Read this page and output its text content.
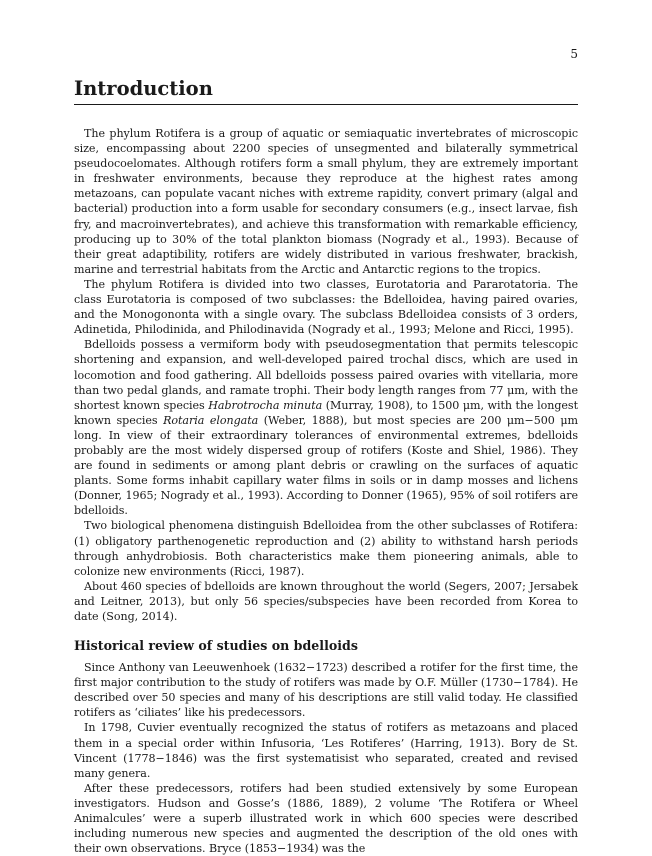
5
Introduction

The phylum Rotifera is a group of aquatic or semiaquatic invertebrates of microscopic size, encompassing about 2200 species of unsegmented and bilaterally symmetrical pseudocoelomates. Although rotifers form a small phylum, they are extremely important in freshwater environments, because they reproduce at the highest rates among metazoans, can populate vacant niches with extreme rapidity, convert primary (algal and bacterial) production into a form usable for secondary consumers (e.g., insect larvae, fish fry, and macroinvertebrates), and achieve this transformation with remarkable efficiency, producing up to 30% of the total plankton biomass (Nogrady et al., 1993). Because of their great adaptibility, rotifers are widely distributed in various freshwater, brackish, marine and terrestrial habitats from the Arctic and Antarctic regions to the tropics.

The phylum Rotifera is divided into two classes, Eurotatoria and Pararotatoria. The class Eurotatoria is composed of two subclasses: the Bdelloidea, having paired ovaries, and the Monogononta with a single ovary. The subclass Bdelloidea consists of 3 orders, Adinetida, Philodinida, and Philodinavida (Nogrady et al., 1993; Melone and Ricci, 1995).

Bdelloids possess a vermiform body with pseudosegmentation that permits telescopic shortening and expansion, and well-developed paired trochal discs, which are used in locomotion and food gathering. All bdelloids possess paired ovaries with vitellaria, more than two pedal glands, and ramate trophi. Their body length ranges from 77 μm, with the shortest known species Habrotrocha minuta (Murray, 1908), to 1500 μm, with the longest known species Rotaria elongata (Weber, 1888), but most species are 200 μm−500 μm long. In view of their extraordinary tolerances of environmental extremes, bdelloids probably are the most widely dispersed group of rotifers (Koste and Shiel, 1986). They are found in sediments or among plant debris or crawling on the surfaces of aquatic plants. Some forms inhabit capillary water films in soils or in damp mosses and lichens (Donner, 1965; Nogrady et al., 1993). According to Donner (1965), 95% of soil rotifers are bdelloids.

Two biological phenomena distinguish Bdelloidea from the other subclasses of Rotifera: (1) obligatory parthenogenetic reproduction and (2) ability to withstand harsh periods through anhydrobiosis. Both characteristics make them pioneering animals, able to colonize new environments (Ricci, 1987).

About 460 species of bdelloids are known throughout the world (Segers, 2007; Jersabek and Leitner, 2013), but only 56 species/subspecies have been recorded from Korea to date (Song, 2014).

Historical review of studies on bdelloids

Since Anthony van Leeuwenhoek (1632−1723) described a rotifer for the first time, the first major contribution to the study of rotifers was made by O.F. Müller (1730−1784). He described over 50 species and many of his descriptions are still valid today. He classified rotifers as ‘ciliates’ like his predecessors.

In 1798, Cuvier eventually recognized the status of rotifers as metazoans and placed them in a special order within Infusoria, ‘Les Rotiferes’ (Harring, 1913). Bory de St. Vincent (1778−1846) was the first systematisist who separated, created and revised many genera.

After these predecessors, rotifers had been studied extensively by some European investigators. Hudson and Gosse’s (1886, 1889), 2 volume ‘The Rotifera or Wheel Animalcules’ were a superb illustrated work in which 600 species were described including numerous new species and augmented the description of the old ones with their own observations. Bryce (1853−1934) was the
